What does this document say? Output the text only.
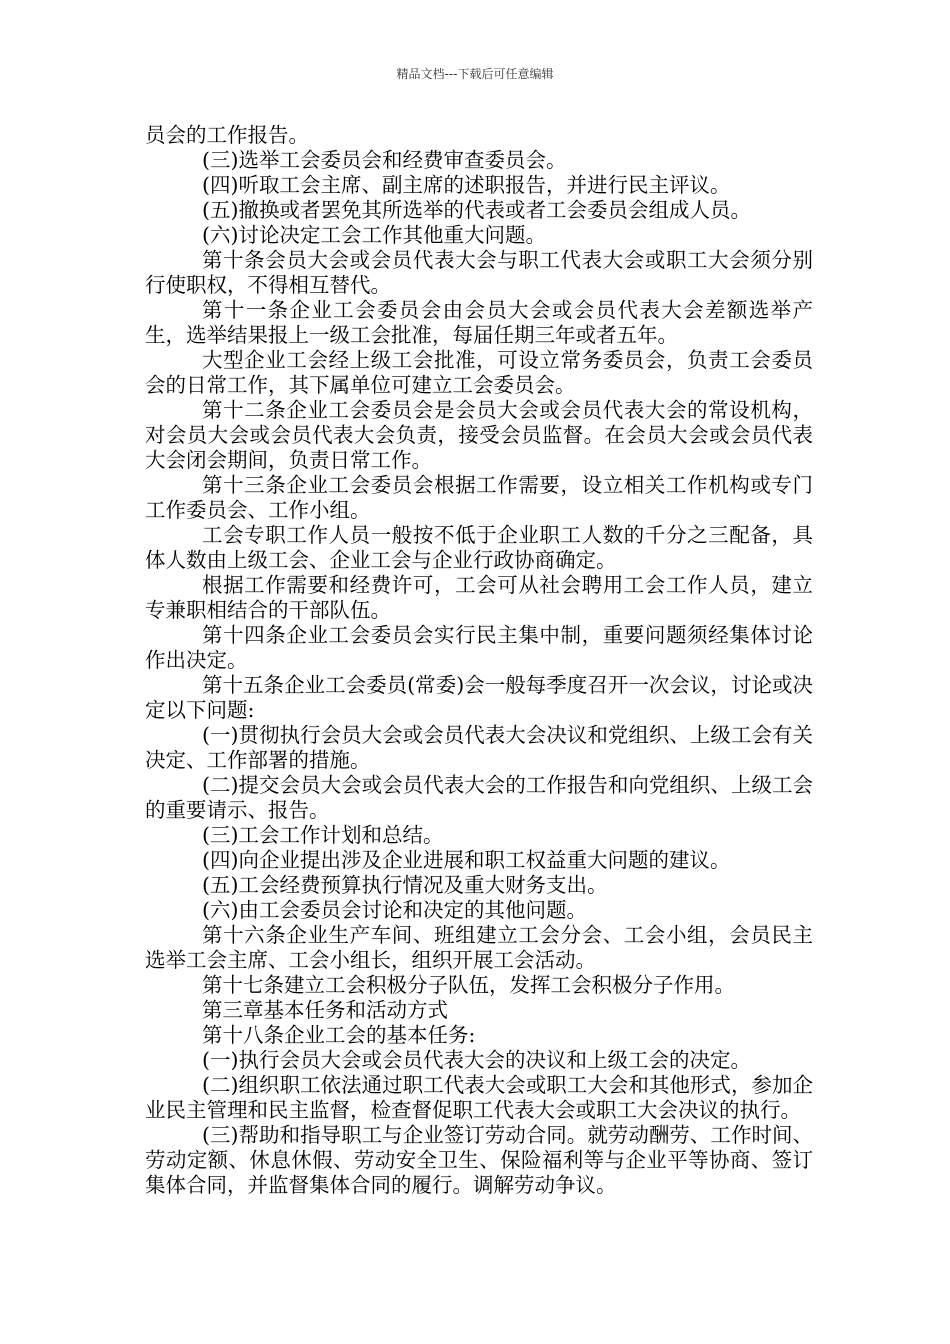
精品文档---下载后可任意编辑

员会的工作报告。

(三)选举工会委员会和经费审查委员会。

(四)听取工会主席、副主席的述职报告，并进行民主评议。

(五)撤换或者罢免其所选举的代表或者工会委员会组成人员。

(六)讨论决定工会工作其他重大问题。

第十条会员大会或会员代表大会与职工代表大会或职工大会须分别行使职权，不得相互替代。

第十一条企业工会委员会由会员大会或会员代表大会差额选举产生，选举结果报上一级工会批准，每届任期三年或者五年。

大型企业工会经上级工会批准，可设立常务委员会，负责工会委员会的日常工作，其下属单位可建立工会委员会。

第十二条企业工会委员会是会员大会或会员代表大会的常设机构，对会员大会或会员代表大会负责，接受会员监督。在会员大会或会员代表大会闭会期间，负责日常工作。

第十三条企业工会委员会根据工作需要，设立相关工作机构或专门工作委员会、工作小组。

工会专职工作人员一般按不低于企业职工人数的千分之三配备，具体人数由上级工会、企业工会与企业行政协商确定。

根据工作需要和经费许可，工会可从社会聘用工会工作人员，建立专兼职相结合的干部队伍。

第十四条企业工会委员会实行民主集中制，重要问题须经集体讨论作出决定。

第十五条企业工会委员(常委)会一般每季度召开一次会议，讨论或决定以下问题:

(一)贯彻执行会员大会或会员代表大会决议和党组织、上级工会有关决定、工作部署的措施。

(二)提交会员大会或会员代表大会的工作报告和向党组织、上级工会的重要请示、报告。

(三)工会工作计划和总结。

(四)向企业提出涉及企业进展和职工权益重大问题的建议。

(五)工会经费预算执行情况及重大财务支出。

(六)由工会委员会讨论和决定的其他问题。

第十六条企业生产车间、班组建立工会分会、工会小组，会员民主选举工会主席、工会小组长，组织开展工会活动。

第十七条建立工会积极分子队伍，发挥工会积极分子作用。

第三章基本任务和活动方式

第十八条企业工会的基本任务:

(一)执行会员大会或会员代表大会的决议和上级工会的决定。

(二)组织职工依法通过职工代表大会或职工大会和其他形式，参加企业民主管理和民主监督，检查督促职工代表大会或职工大会决议的执行。

(三)帮助和指导职工与企业签订劳动合同。就劳动酬劳、工作时间、劳动定额、休息休假、劳动安全卫生、保险福利等与企业平等协商、签订集体合同，并监督集体合同的履行。调解劳动争议。
